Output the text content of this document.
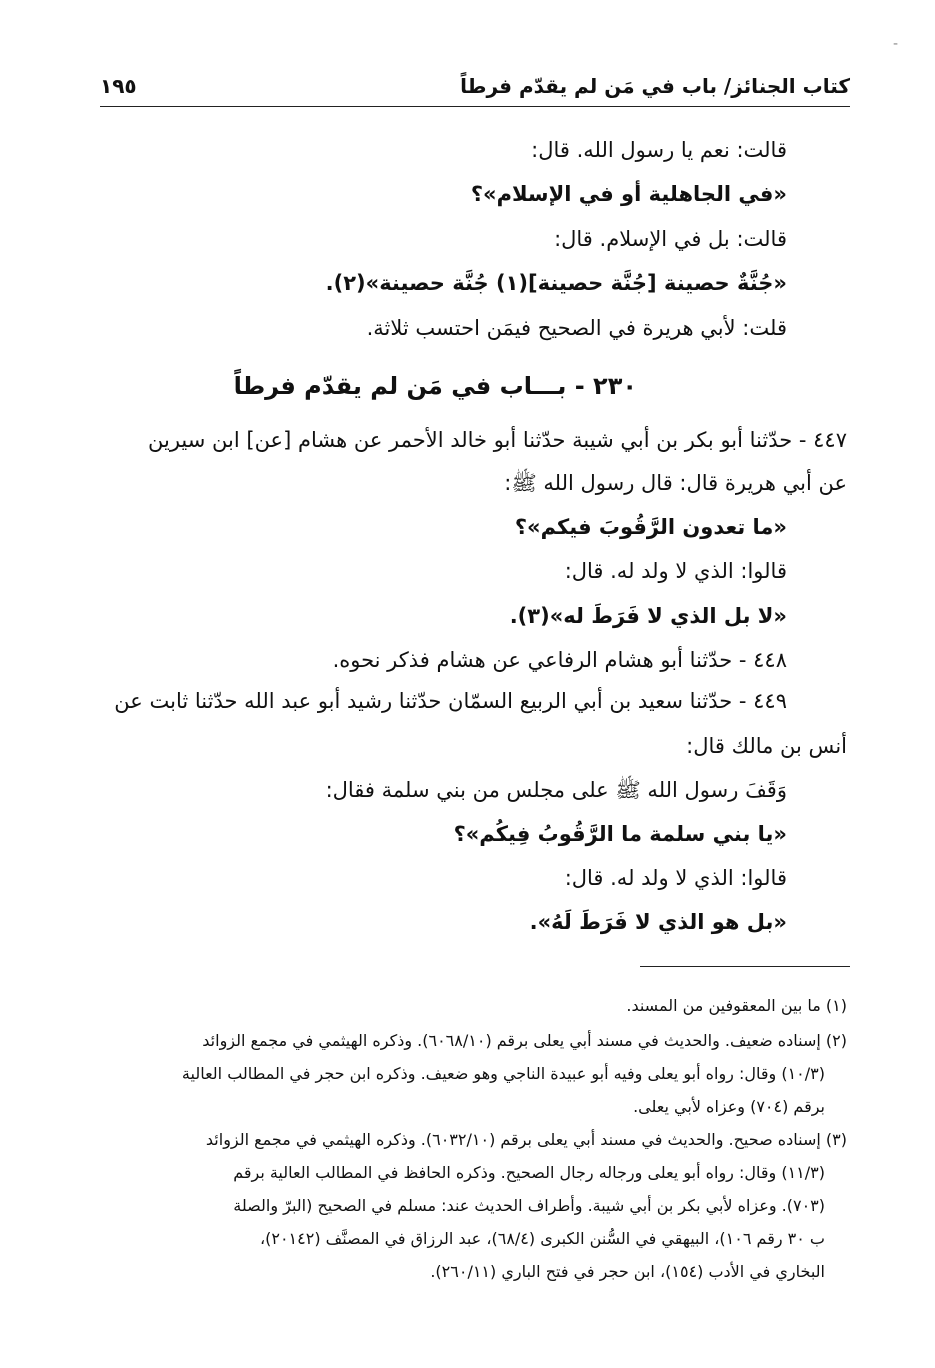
-
كتاب الجنائز/ باب في مَن لم يقدّم فرطاً
١٩٥
قالت: نعم يا رسول الله. قال:
«في الجاهلية أو في الإسلام»؟
قالت: بل في الإسلام. قال:
«جُنَّةٌ حصينة [جُنَّة حصينة](١) جُنَّة حصينة»(٢).
قلت: لأبي هريرة في الصحيح فيمَن احتسب ثلاثة.
٢٣٠ - بـــاب في مَن لم يقدّم فرطاً
٤٤٧ - حدّثنا أبو بكر بن أبي شيبة حدّثنا أبو خالد الأحمر عن هشام [عن] ابن سيرين
عن أبي هريرة قال: قال رسول الله ﷺ:
«ما تعدون الرَّقُوبَ فيكم»؟
قالوا: الذي لا ولد له. قال:
«لا بل الذي لا فَرَطَ له»(٣).
٤٤٨ - حدّثنا أبو هشام الرفاعي عن هشام فذكر نحوه.
٤٤٩ - حدّثنا سعيد بن أبي الربيع السمّان حدّثنا رشيد أبو عبد الله حدّثنا ثابت عن
أنس بن مالك قال:
وَقَفَ رسول الله ﷺ على مجلس من بني سلمة فقال:
«يا بني سلمة ما الرَّقُوبُ فِيكُم»؟
قالوا: الذي لا ولد له. قال:
«بل هو الذي لا فَرَطَ لَهُ».
(١) ما بين المعقوفين من المسند.
(٢) إسناده ضعيف. والحديث في مسند أبي يعلى برقم (٦٠٦٨/١٠). وذكره الهيثمي في مجمع الزوائد
(١٠/٣) وقال: رواه أبو يعلى وفيه أبو عبيدة الناجي وهو ضعيف. وذكره ابن حجر في المطالب العالية
برقم (٧٠٤) وعزاه لأبي يعلى.
(٣) إسناده صحيح. والحديث في مسند أبي يعلى برقم (٦٠٣٢/١٠). وذكره الهيثمي في مجمع الزوائد
(١١/٣) وقال: رواه أبو يعلى ورجاله رجال الصحيح. وذكره الحافظ في المطالب العالية برقم
(٧٠٣). وعزاه لأبي بكر بن أبي شيبة. وأطراف الحديث عند: مسلم في الصحيح (البرّ والصلة
ب ٣٠ رقم ١٠٦)، البيهقي في السُّنن الكبرى (٦٨/٤)، عبد الرزاق في المصنَّف (٢٠١٤٢)،
البخاري في الأدب (١٥٤)، ابن حجر في فتح الباري (٢٦٠/١١).
